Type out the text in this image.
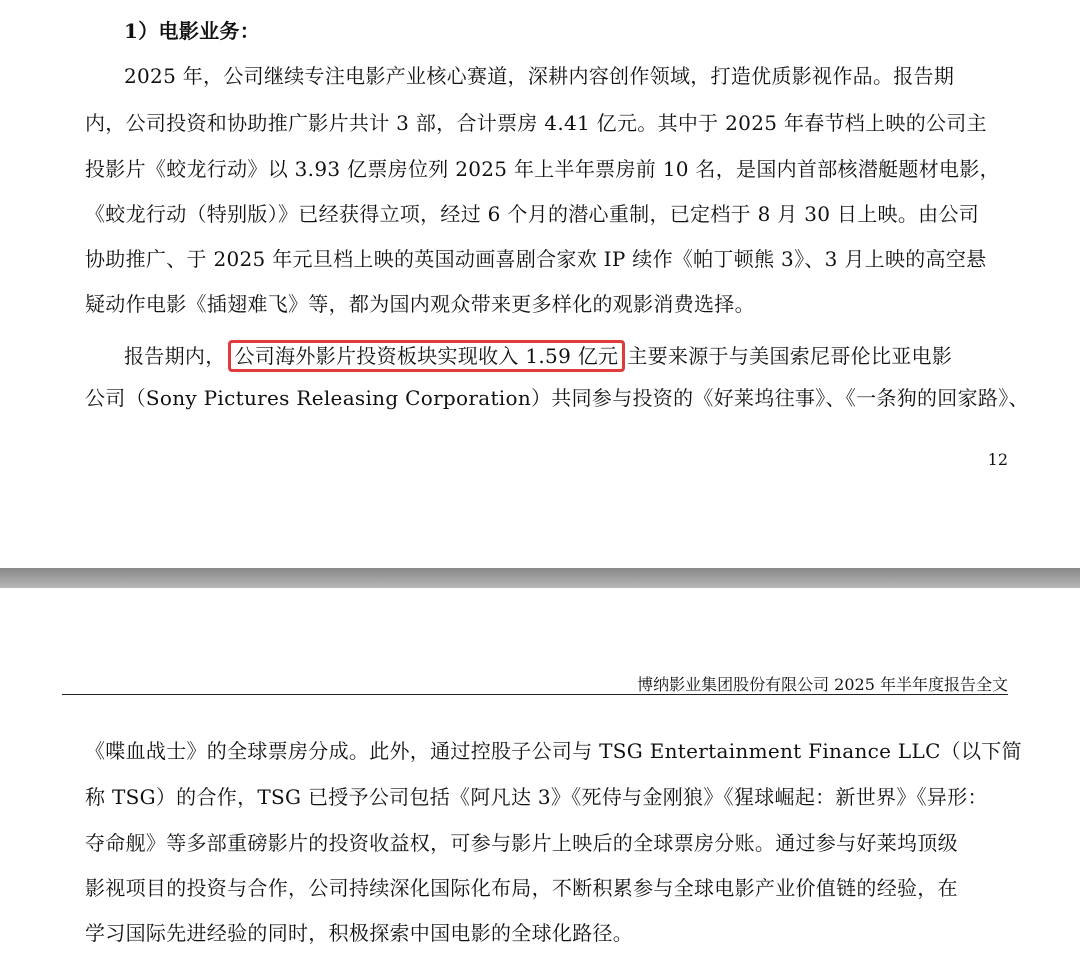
1）电影业务：
2025 年，公司继续专注电影产业核心赛道，深耕内容创作领域，打造优质影视作品。报告期
内，公司投资和协助推广影片共计 3 部，合计票房 4.41 亿元。其中于 2025 年春节档上映的公司主
投影片《蛟龙行动》以 3.93 亿票房位列 2025 年上半年票房前 10 名，是国内首部核潜艇题材电影，
《蛟龙行动（特别版）》已经获得立项，经过 6 个月的潜心重制，已定档于 8 月 30 日上映。由公司
协助推广、于 2025 年元旦档上映的英国动画喜剧合家欢 IP 续作《帕丁顿熊 3》、3 月上映的高空悬
疑动作电影《插翅难飞》等，都为国内观众带来更多样化的观影消费选择。
报告期内， 公司海外影片投资板块实现收入 1.59 亿元 主要来源于与美国索尼哥伦比亚电影
公司（Sony Pictures Releasing Corporation）共同参与投资的《好莱坞往事》、《一条狗的回家路》、
12
博纳影业集团股份有限公司 2025 年半年度报告全文
《喋血战士》的全球票房分成。此外，通过控股子公司与 TSG Entertainment Finance LLC（以下简
称 TSG）的合作，TSG 已授予公司包括《阿凡达 3》《死侍与金刚狼》《猩球崛起：新世界》《异形：
夺命舰》等多部重磅影片的投资收益权，可参与影片上映后的全球票房分账。通过参与好莱坞顶级
影视项目的投资与合作，公司持续深化国际化布局，不断积累参与全球电影产业价值链的经验，在
学习国际先进经验的同时，积极探索中国电影的全球化路径。
